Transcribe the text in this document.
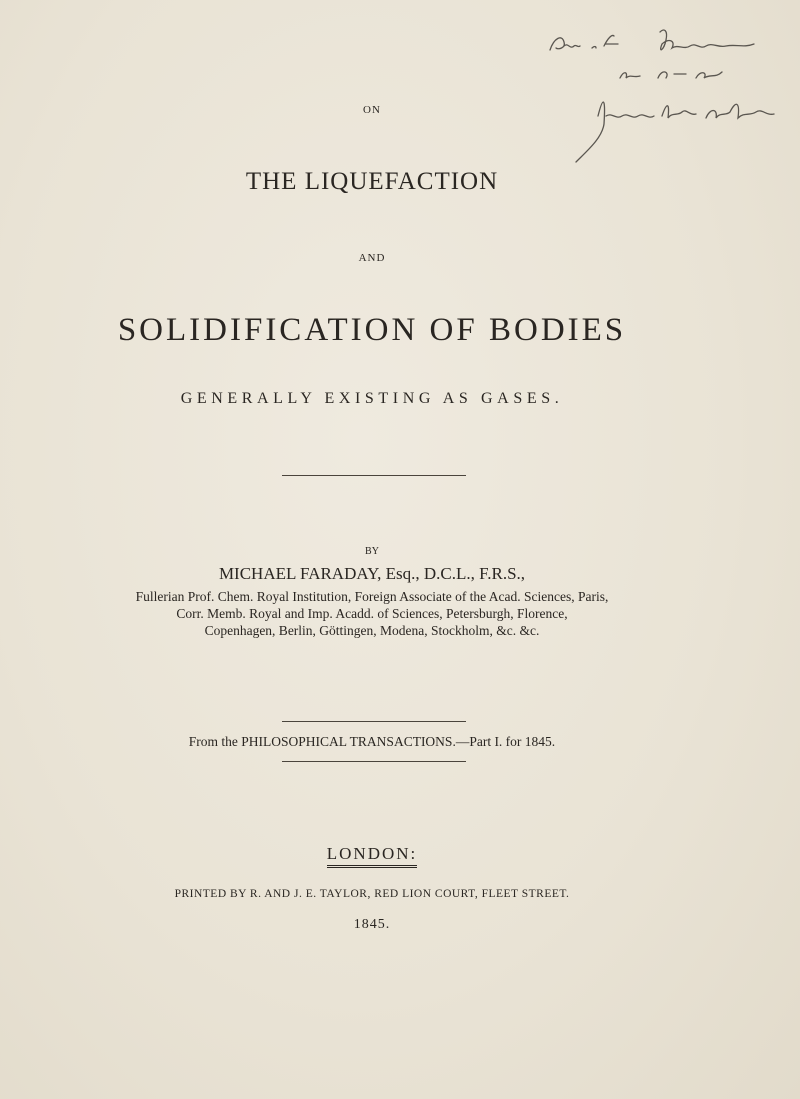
ON
THE LIQUEFACTION
AND
SOLIDIFICATION OF BODIES
GENERALLY EXISTING AS GASES.
BY
MICHAEL FARADAY, Esq., D.C.L., F.R.S.,
Fullerian Prof. Chem. Royal Institution, Foreign Associate of the Acad. Sciences, Paris,
Corr. Memb. Royal and Imp. Acadd. of Sciences, Petersburgh, Florence,
Copenhagen, Berlin, Göttingen, Modena, Stockholm, &c. &c.
From the PHILOSOPHICAL TRANSACTIONS.—Part I. for 1845.
LONDON:
PRINTED BY R. AND J. E. TAYLOR, RED LION COURT, FLEET STREET.
1845.
